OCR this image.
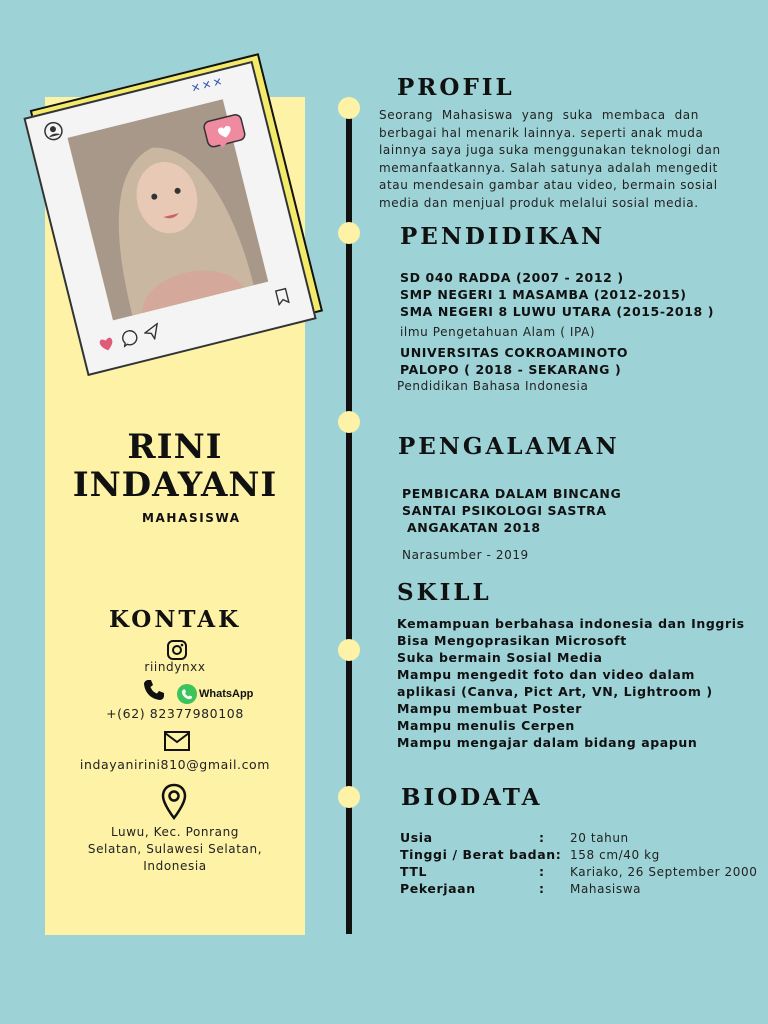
✕✕✕
RINI
INDAYANI
MAHASISWA
KONTAK
riindynxx
WhatsApp
+(62) 82377980108
indayanirini810@gmail.com
Luwu, Kec. Ponrang
Selatan, Sulawesi Selatan,
Indonesia
PROFIL
Seorang  Mahasiswa  yang  suka  membaca  dan
berbagai hal menarik lainnya. seperti anak muda
lainnya saya juga suka menggunakan teknologi dan
memanfaatkannya. Salah satunya adalah mengedit
atau mendesain gambar atau video, bermain sosial
media dan menjual produk melalui sosial media.
PENDIDIKAN
SD 040 RADDA (2007 - 2012 )
SMP NEGERI 1 MASAMBA (2012-2015)
SMA NEGERI 8 LUWU UTARA (2015-2018 )
ilmu Pengetahuan Alam ( IPA)
UNIVERSITAS COKROAMINOTO
PALOPO ( 2018 - SEKARANG )
Pendidikan Bahasa Indonesia
PENGALAMAN
PEMBICARA DALAM BINCANG
SANTAI PSIKOLOGI SASTRA
ANGAKATAN 2018
Narasumber - 2019
SKILL
Kemampuan berbahasa indonesia dan Inggris
Bisa Mengoprasikan Microsoft
Suka bermain Sosial Media
Mampu mengedit foto dan video dalam
aplikasi (Canva, Pict Art, VN, Lightroom )
Mampu membuat Poster
Mampu menulis Cerpen
Mampu mengajar dalam bidang apapun
BIODATA
Usia	: 20 tahun
Tinggi / Berat badan: 158 cm/40 kg
TTL	: Kariako, 26 September 2000
Pekerjaan	: Mahasiswa
